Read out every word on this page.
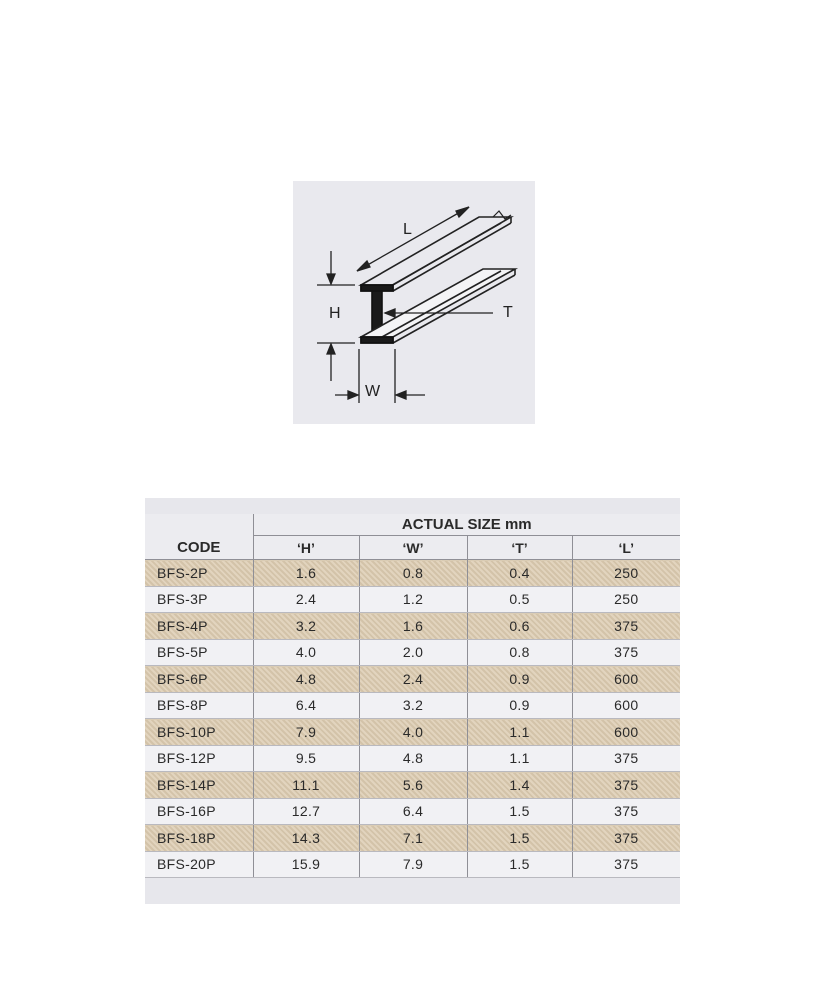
L
H	T
W
CODE	ACTUAL SIZE mm			
	‘H’	‘W’	‘T’	‘L’
BFS-2P	1.6	0.8	0.4	250
BFS-3P	2.4	1.2	0.5	250
BFS-4P	3.2	1.6	0.6	375
BFS-5P	4.0	2.0	0.8	375
BFS-6P	4.8	2.4	0.9	600
BFS-8P	6.4	3.2	0.9	600
BFS-10P	7.9	4.0	1.1	600
BFS-12P	9.5	4.8	1.1	375
BFS-14P	11.1	5.6	1.4	375
BFS-16P	12.7	6.4	1.5	375
BFS-18P	14.3	7.1	1.5	375
BFS-20P	15.9	7.9	1.5	375
